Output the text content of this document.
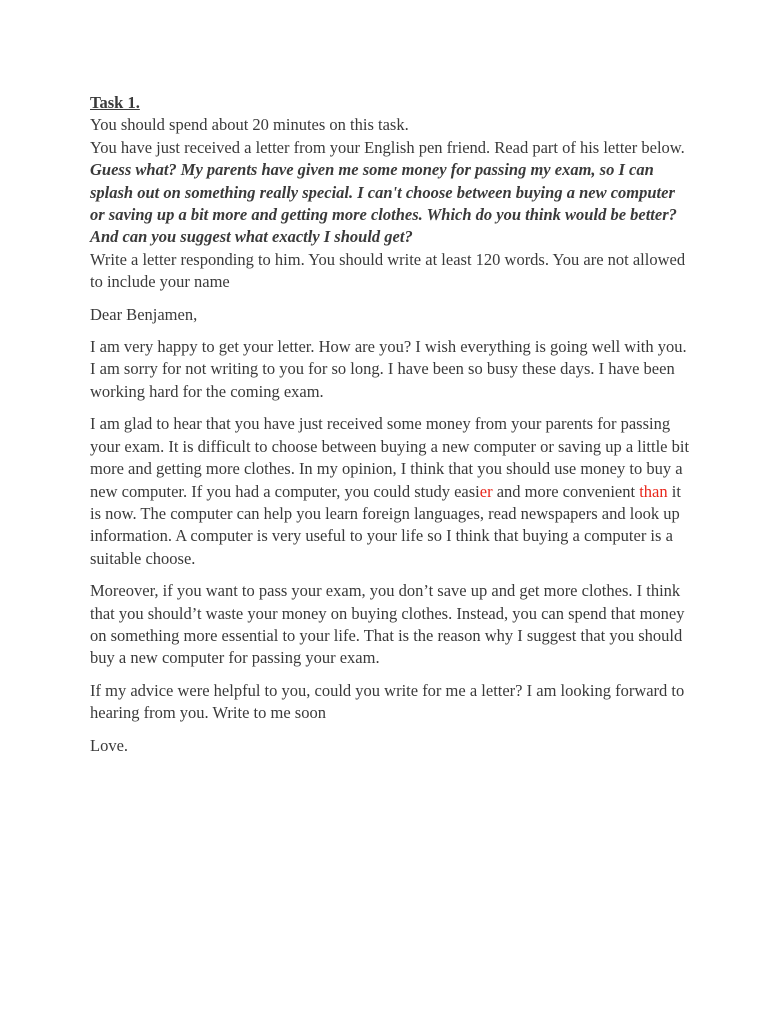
Task 1.
You should spend about 20 minutes on this task.
You have just received a letter from your English pen friend. Read part of his letter below.

Guess what? My parents have given me some money for passing my exam, so I can splash out on something really special. I can't choose between buying a new computer or saving up a bit more and getting more clothes. Which do you think would be better? And can you suggest what exactly I should get?

Write a letter responding to him. You should write at least 120 words. You are not allowed to include your name

Dear Benjamen,

I am very happy to get your letter. How are you? I wish everything is going well with you. I am sorry for not writing to you for so long. I have been so busy these days. I have been working hard for the coming exam.

I am glad to hear that you have just received some money from your parents for passing your exam. It is difficult to choose between buying a new computer or saving up a little bit more and getting more clothes. In my opinion, I think that you should use money to buy a new computer. If you had a computer, you could study easier and more convenient than it is now. The computer can help you learn foreign languages, read newspapers and look up information. A computer is very useful to your life so I think that buying a computer is a suitable choose.

Moreover, if you want to pass your exam, you don’t save up and get more clothes. I think that you should’t waste your money on buying clothes. Instead, you can spend that money on something more essential to your life. That is the reason why I suggest that you should buy a new computer for passing your exam.

If my advice were helpful to you, could you write for me a letter? I am looking forward to hearing from you. Write to me soon

Love.
